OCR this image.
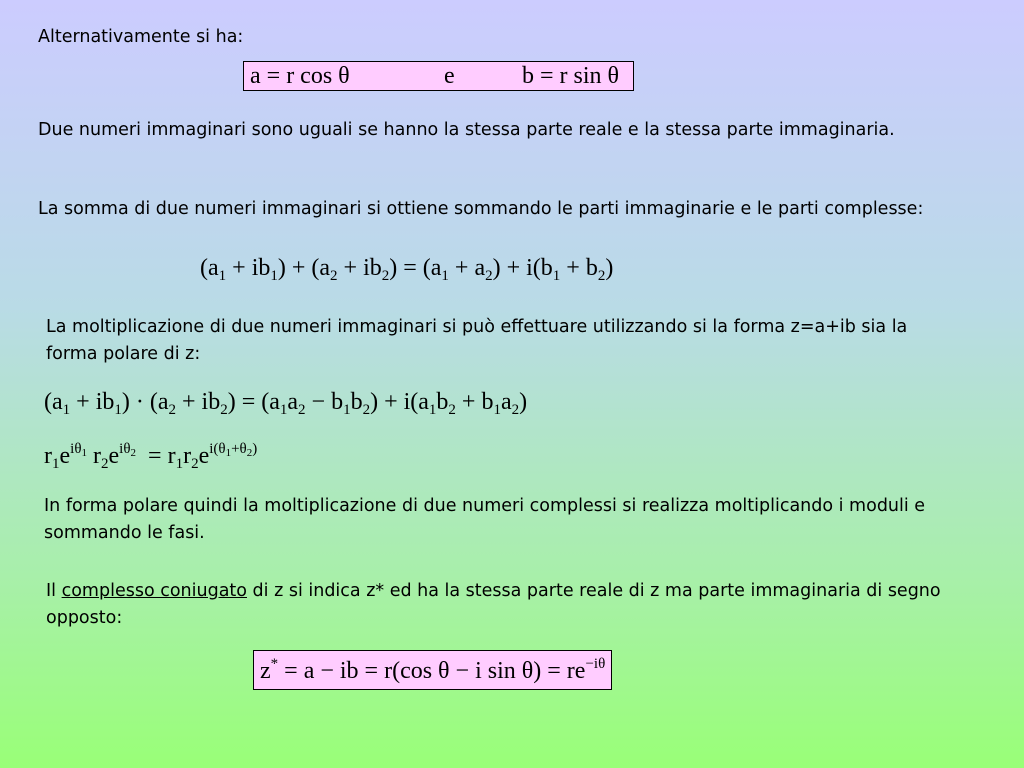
Alternativamente si ha:
a = r cos θ	e	b = r sin θ
Due numeri immaginari sono uguali se hanno la stessa parte reale e la stessa parte immaginaria.
La somma di due numeri immaginari si ottiene sommando le parti immaginarie e le parti complesse:
$(a_1 + ib_1) + (a_2 + ib_2) = (a_1 + a_2) + i(b_1 + b_2)$
La moltiplicazione di due numeri immaginari si può effettuare utilizzando si la forma z=a+ib sia la forma polare di z:
$(a_1 + ib_1) \cdot (a_2 + ib_2) = (a_1a_2 - b_1b_2) + i(a_1b_2 + b_1a_2)$
$r_1e^{i\theta_1}$ $r_2e^{i\theta_2} = r_1r_2e^{i(\theta_1+\theta_2)}$
In forma polare quindi la moltiplicazione di due numeri complessi si realizza moltiplicando i moduli e sommando le fasi.
Il complesso coniugato di z si indica z* ed ha la stessa parte reale di z ma parte immaginaria di segno opposto:
z* = a − ib = r(cos θ − i $\sin \theta) = re^{-i\theta}$
